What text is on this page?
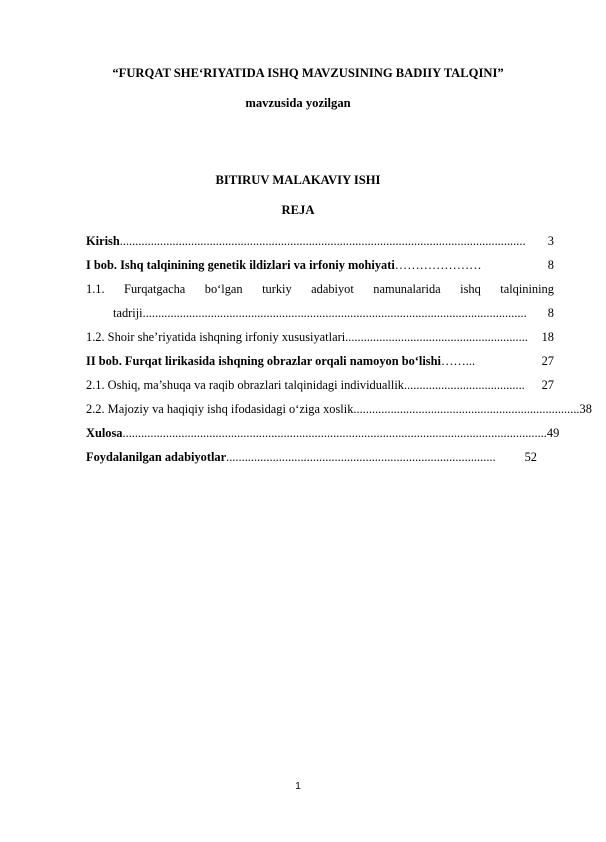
“FURQAT SHE‘RIYATIDA ISHQ MAVZUSINING BADIIY TALQINI”
mavzusida yozilgan
BITIRUV MALAKAVIY ISHI
REJA
Kirish ...................................................................................................................................	3
I bob. Ishq talqinining genetik ildizlari va irfoniy mohiyati …………………	8
1.1. Furqatgacha bo‘lgan turkiy adabiyot namunalarida ishq talqinining
tadriji ............................................................................................................................	8
1.2. Shoir she’riyatida ishqning irfoniy xususiyatlari ...........................................................	18
II bob. Furqat lirikasida ishqning obrazlar orqali namoyon bo‘lishi ……...	27
2.1. Oshiq, ma’shuqa va raqib obrazlari talqinidagi individuallik .......................................	27
2.2. Majoziy va haqiqiy ishq ifodasidagi o‘ziga xoslik ......................................................................... 38
Xulosa ......................................................................................................................................... 49
Foydalanilgan adabiyotlar .......................................................................................	52
1
